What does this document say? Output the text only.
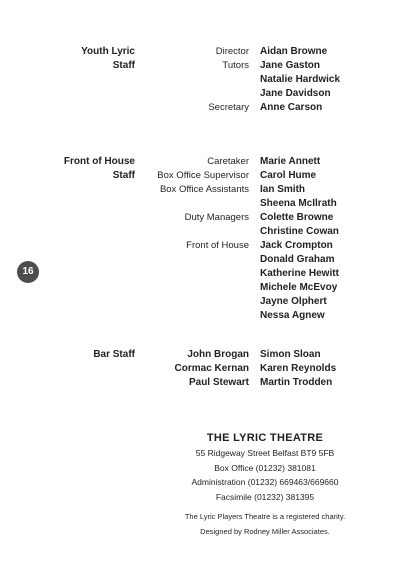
Youth Lyric
Staff
Director Aidan Browne
Tutors Jane Gaston
Natalie Hardwick
Jane Davidson
Secretary Anne Carson
Front of House
Staff
Caretaker Marie Annett
Box Office Supervisor Carol Hume
Box Office Assistants Ian Smith
Sheena McIlrath
Duty Managers Colette Browne
Christine Cowan
Front of House Jack Crompton
Donald Graham
Katherine Hewitt
Michele McEvoy
Jayne Olphert
Nessa Agnew
16
Bar Staff	John Brogan Simon Sloan
Cormac Kernan Karen Reynolds
Paul Stewart Martin Trodden
THE LYRIC THEATRE
55 Ridgeway Street Belfast BT9 5FB
Box Office (01232) 381081
Administration (01232) 669463/669660
Facsimile (01232) 381395
The Lyric Players Theatre is a registered charity.
Designed by Rodney Miller Associates.
